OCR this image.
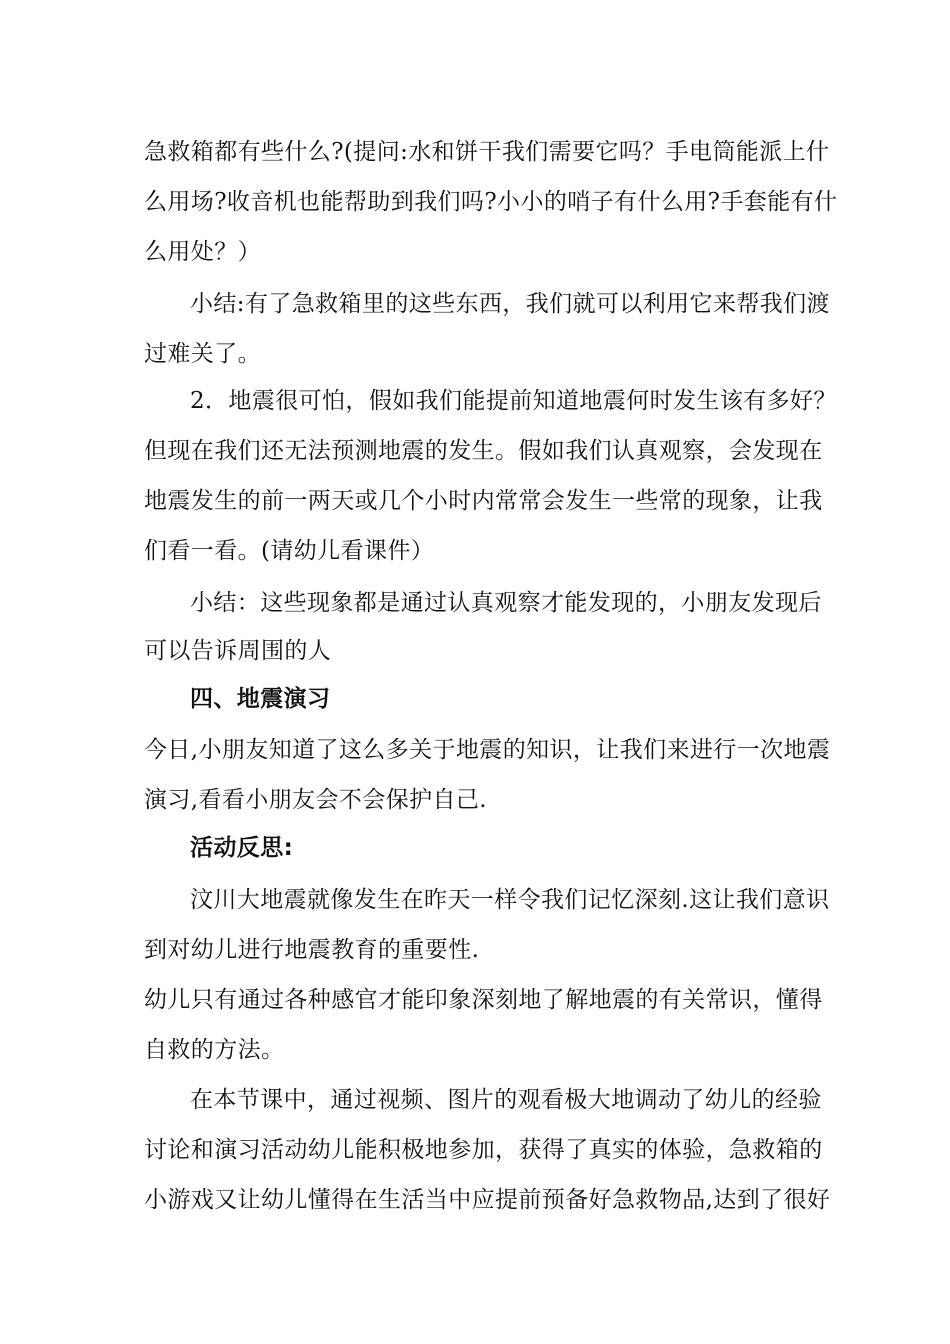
急救箱都有些什么?(提问:水和饼干我们需要它吗？手电筒能派上什
么用场?收音机也能帮助到我们吗?小小的哨子有什么用?手套能有什
么用处？）
小结:有了急救箱里的这些东西，我们就可以利用它来帮我们渡
过难关了。
2．地震很可怕，假如我们能提前知道地震何时发生该有多好？
但现在我们还无法预测地震的发生。假如我们认真观察，会发现在
地震发生的前一两天或几个小时内常常会发生一些常的现象，让我
们看一看。(请幼儿看课件）
小结：这些现象都是通过认真观察才能发现的，小朋友发现后
可以告诉周围的人
四、地震演习
今日,小朋友知道了这么多关于地震的知识，让我们来进行一次地震
演习,看看小朋友会不会保护自己.
活动反思:
汶川大地震就像发生在昨天一样令我们记忆深刻.这让我们意识
到对幼儿进行地震教育的重要性.
幼儿只有通过各种感官才能印象深刻地了解地震的有关常识，懂得
自救的方法。
在本节课中，通过视频、图片的观看极大地调动了幼儿的经验
讨论和演习活动幼儿能积极地参加，获得了真实的体验，急救箱的
小游戏又让幼儿懂得在生活当中应提前预备好急救物品,达到了很好
